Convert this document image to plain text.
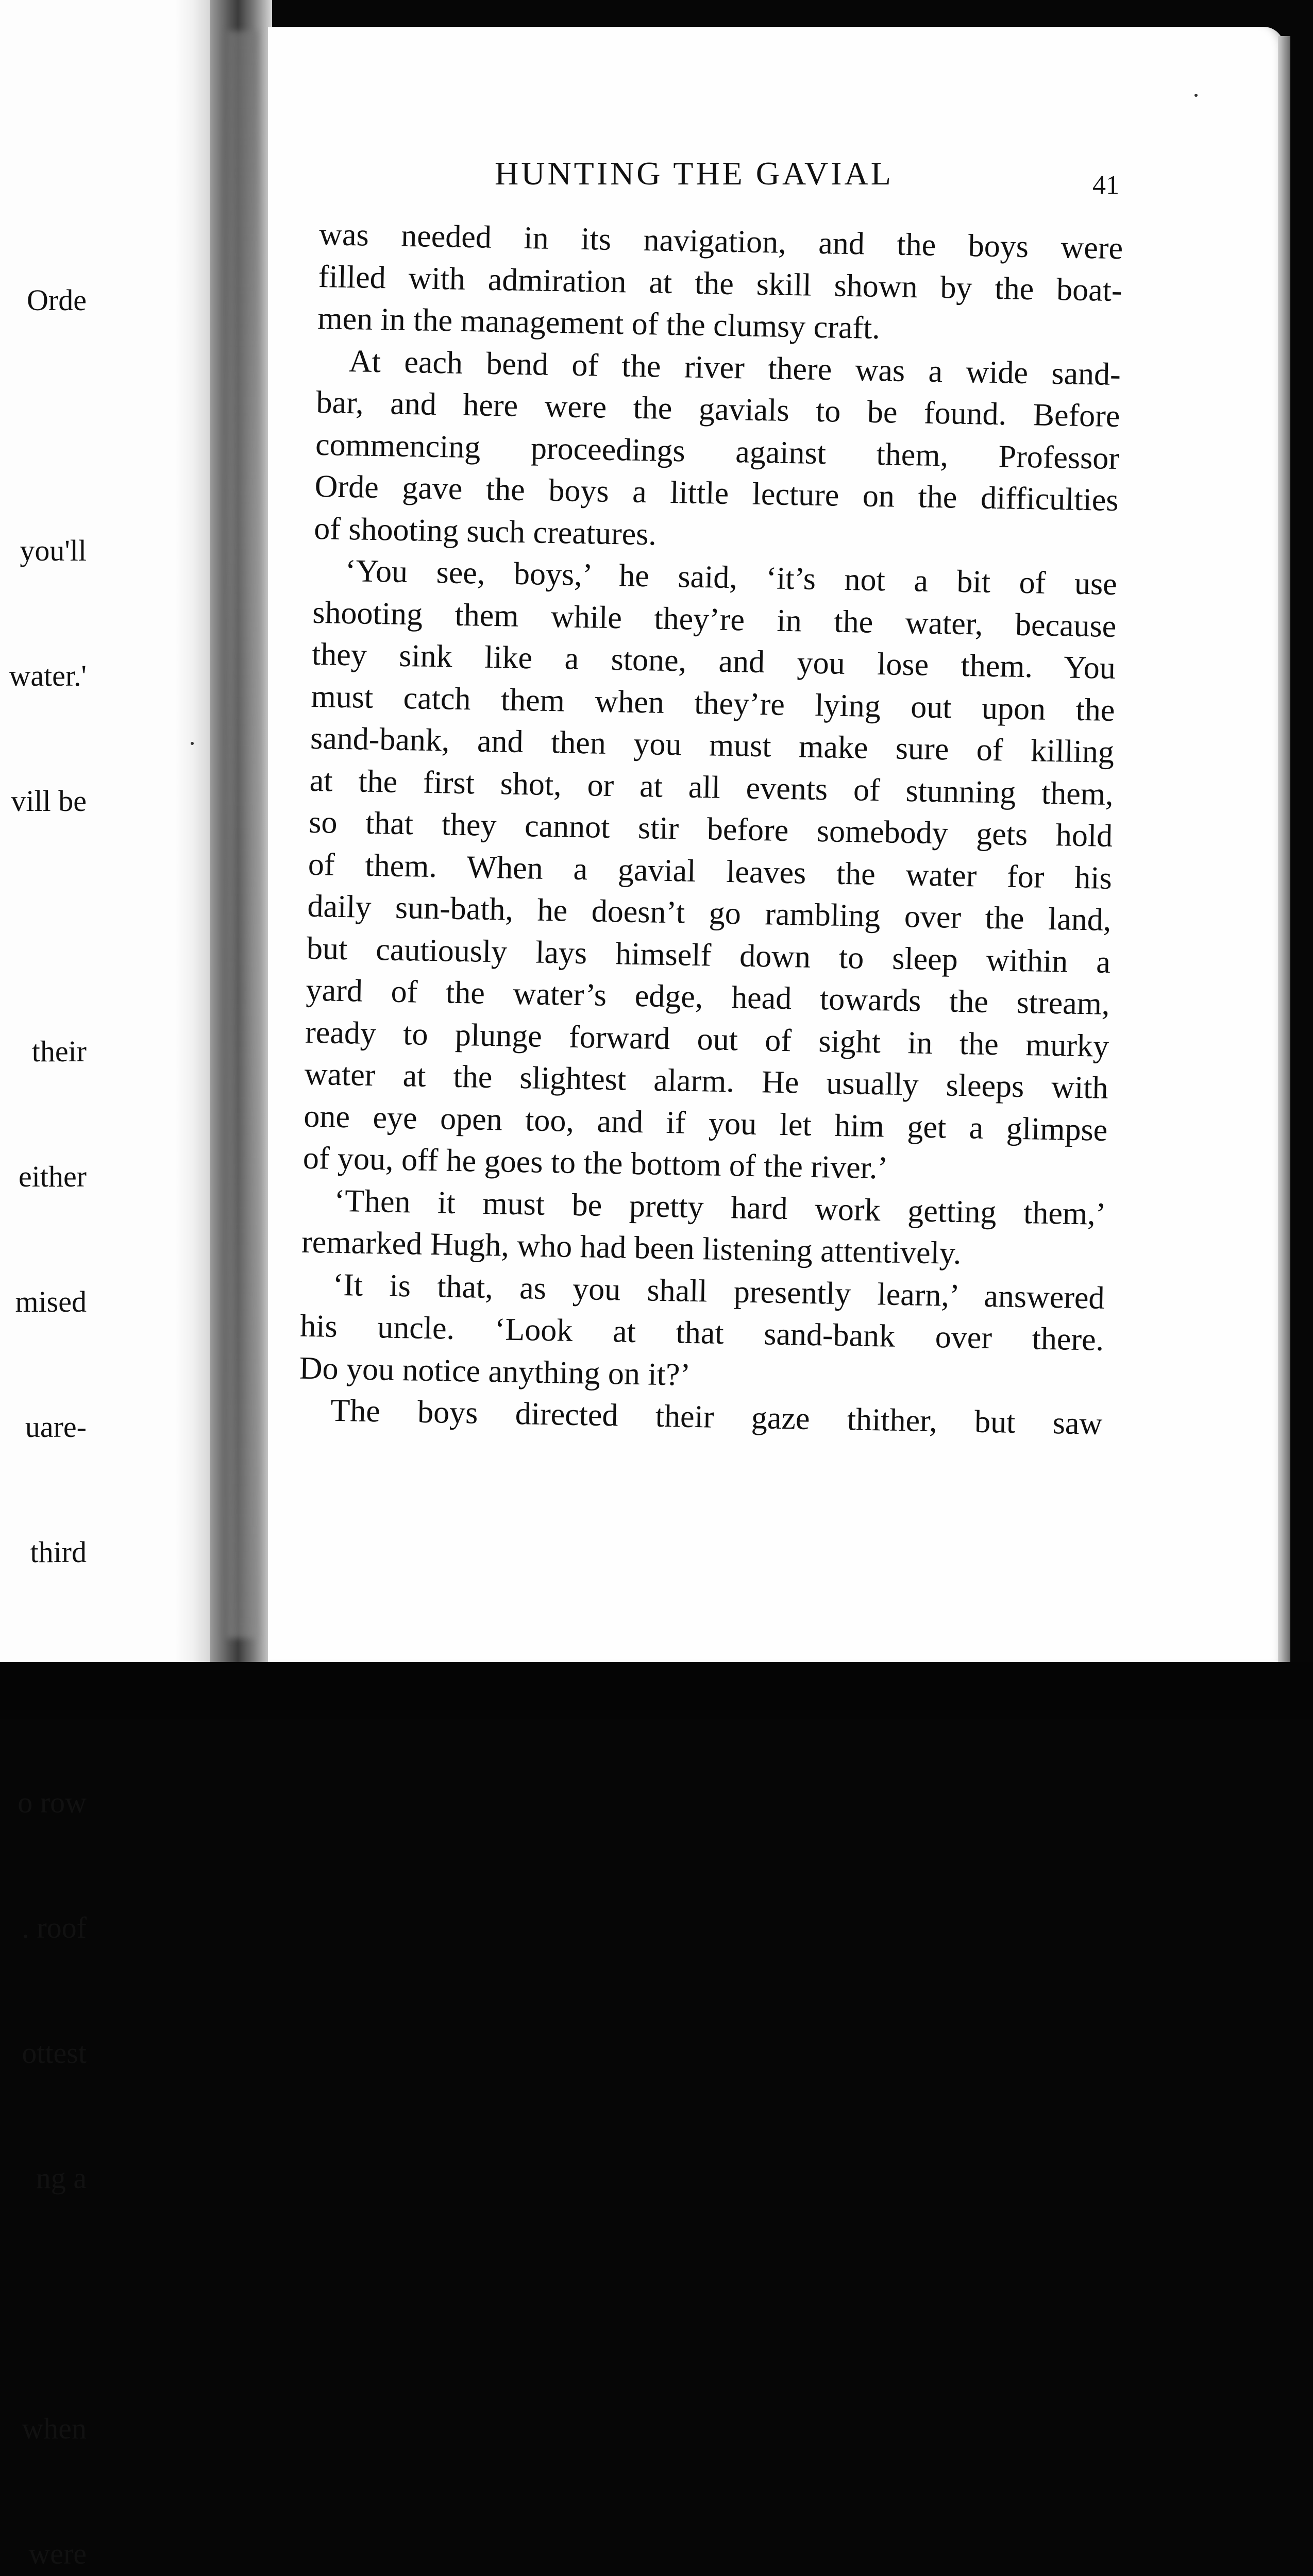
Orde

you'll

water.'

vill be

their

either

mised

uare-

third

o row

. roof

ottest

ng a

when

were

HUNTING THE GAVIAL	41
was needed in its navigation, and the boys were
filled with admiration at the skill shown by the boat-
men in the management of the clumsy craft.
At each bend of the river there was a wide sand-
bar, and here were the gavials to be found. Before
commencing proceedings against them, Professor
Orde gave the boys a little lecture on the difficulties
of shooting such creatures.
‘You see, boys,’ he said, ‘it’s not a bit of use
shooting them while they’re in the water, because
they sink like a stone, and you lose them. You
must catch them when they’re lying out upon the
sand-bank, and then you must make sure of killing
at the first shot, or at all events of stunning them,
so that they cannot stir before somebody gets hold
of them. When a gavial leaves the water for his
daily sun-bath, he doesn’t go rambling over the land,
but cautiously lays himself down to sleep within a
yard of the water’s edge, head towards the stream,
ready to plunge forward out of sight in the murky
water at the slightest alarm. He usually sleeps with
one eye open too, and if you let him get a glimpse
of you, off he goes to the bottom of the river.’
‘Then it must be pretty hard work getting them,’
remarked Hugh, who had been listening attentively.
‘It is that, as you shall presently learn,’ answered
his uncle. ‘Look at that sand-bank over there.
Do you notice anything on it?’
The boys directed their gaze thither, but saw
